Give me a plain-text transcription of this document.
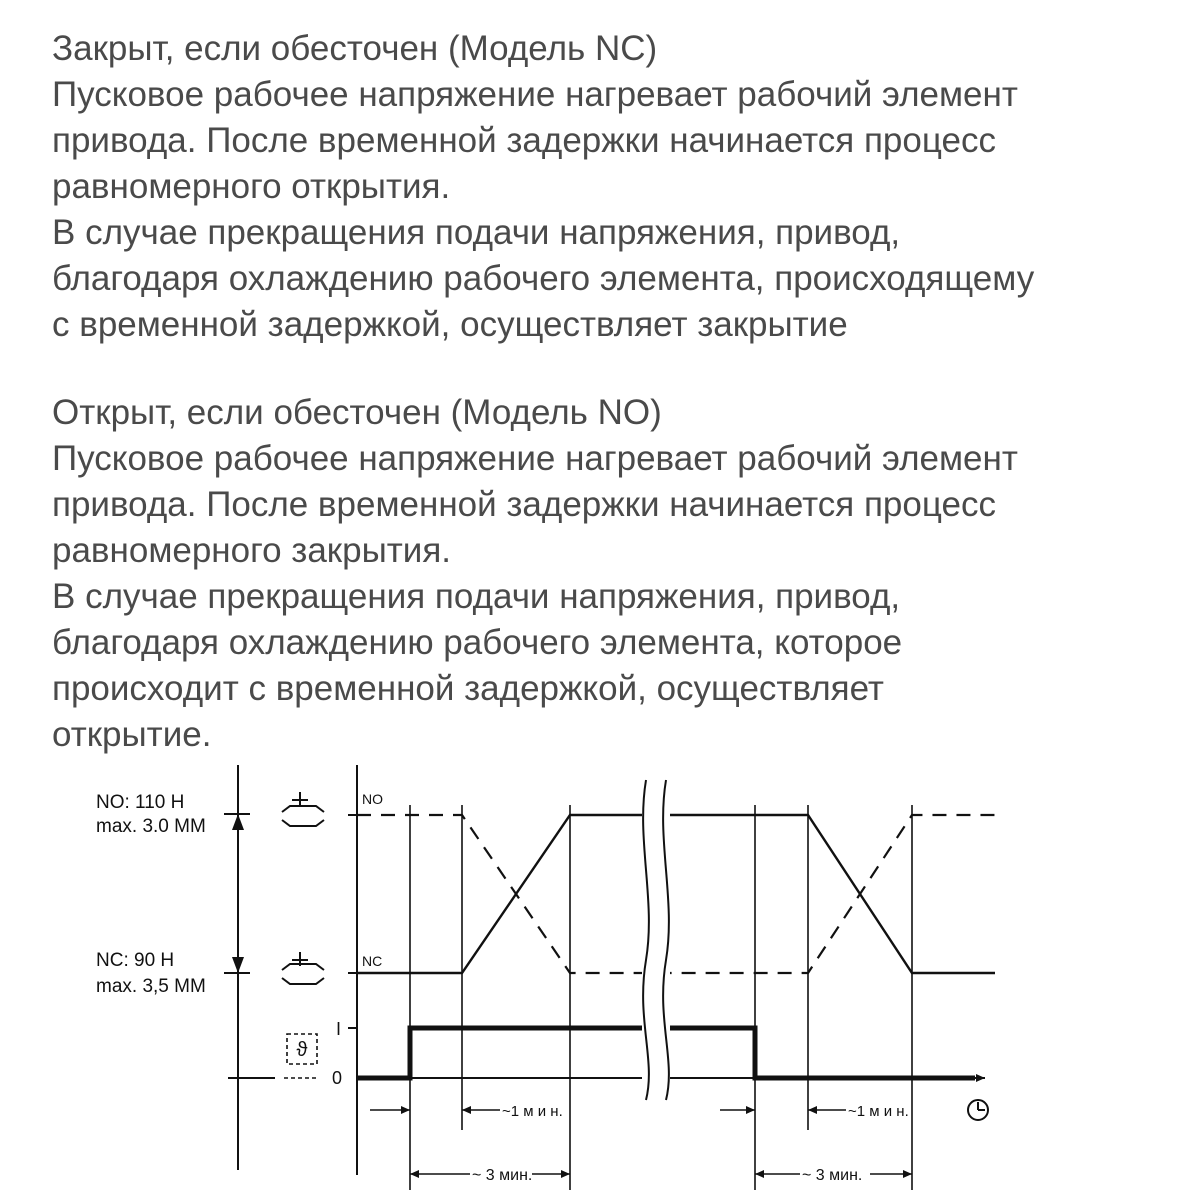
Закрыт, если обесточен (Модель NC)
Пусковое рабочее напряжение нагревает рабочий элемент
привода. После временной задержки начинается процесс
равномерного открытия.
В случае прекращения подачи напряжения, привод,
благодаря охлаждению рабочего элемента, происходящему
с временной задержкой, осуществляет закрытие
Открыт, если обесточен (Модель NO)
Пусковое рабочее напряжение нагревает рабочий элемент
привода. После временной задержки начинается процесс
равномерного закрытия.
В случае прекращения подачи напряжения, привод,
благодаря охлаждению рабочего элемента, которое
происходит с временной задержкой, осуществляет
открытие.
NO: 110 Н
max. 3.0 ММ
NC: 90 Н
max. 3,5 ММ
ϑ
NO
NC
I
0
~1 м и н.	~1 м и н.
~ 3 мин.	~ 3 мин.
